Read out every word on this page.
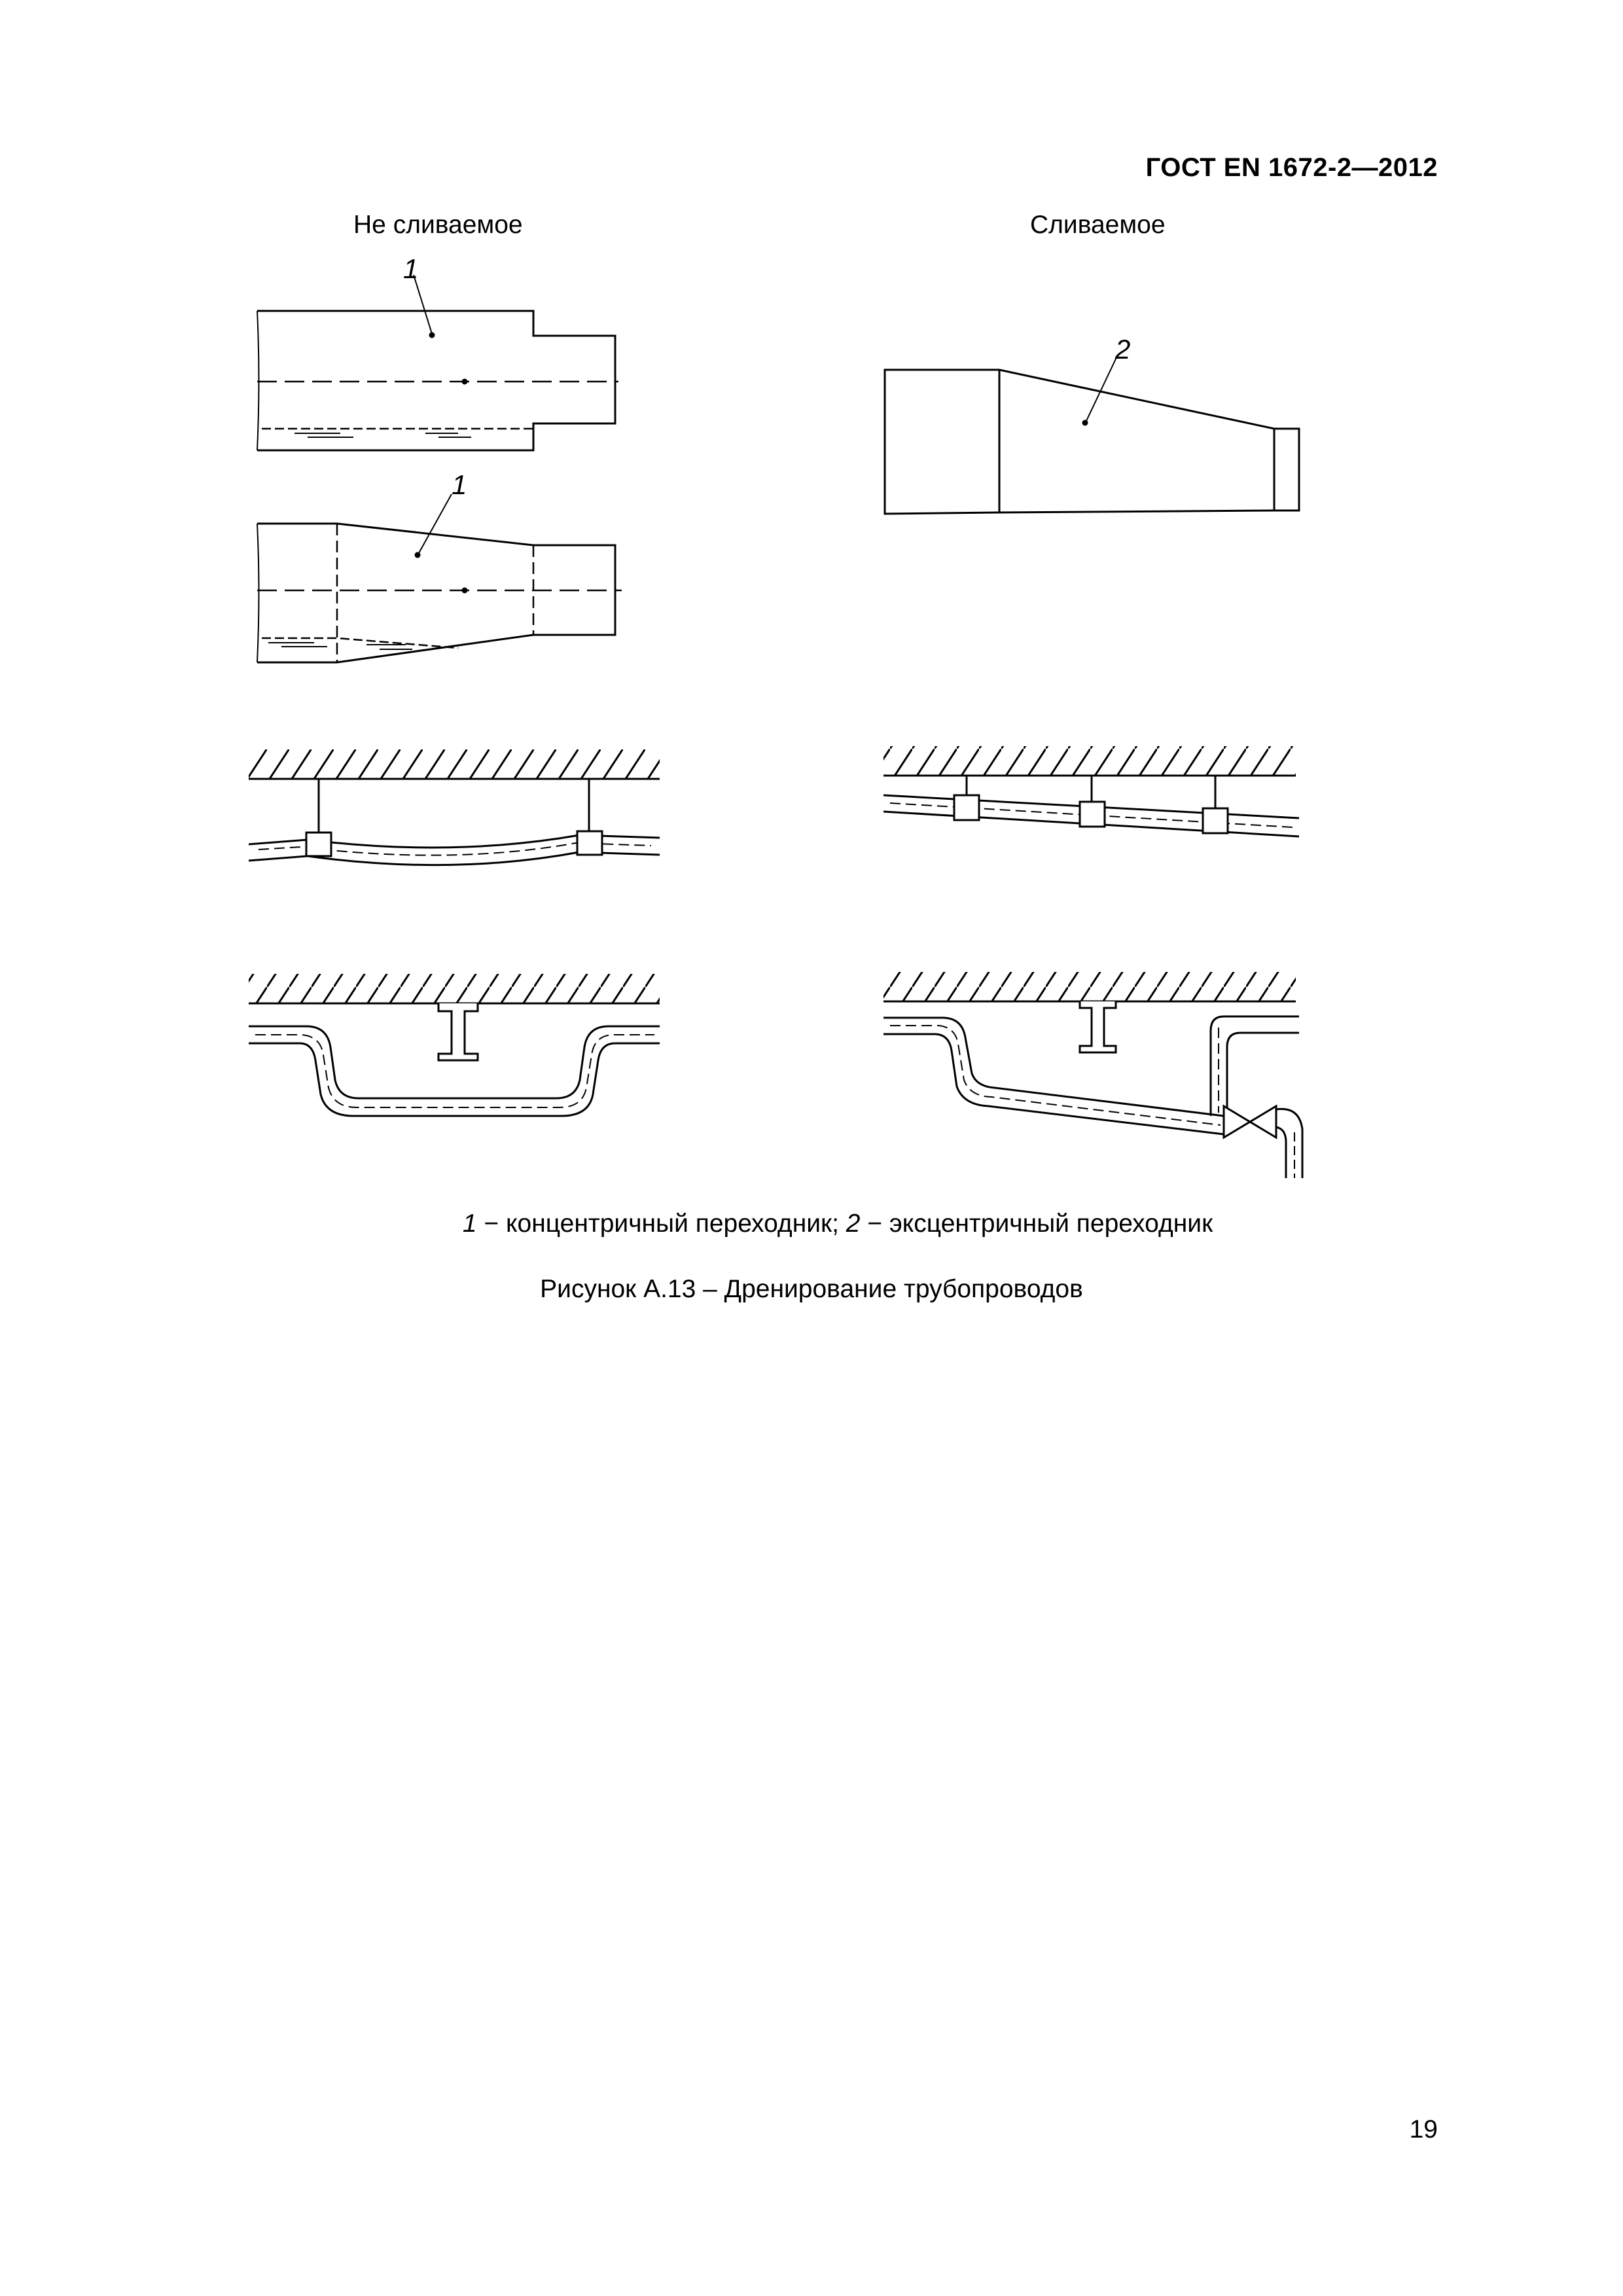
ГОСТ EN 1672-2—2012
Не сливаемое	Сливаемое
1
1
2
1 − концентричный переходник; 2 − эксцентричный переходник
Рисунок А.13 – Дренирование трубопроводов
19
